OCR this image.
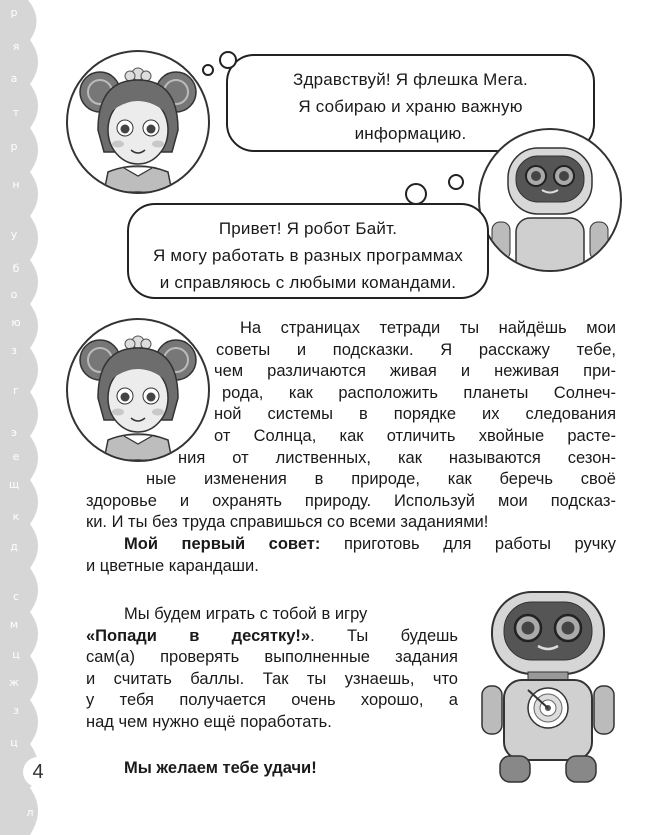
р
я
а
т
р
н
у
б
о
ю
з
г
э
е
щ
к
д
с
м
ц
ж
з
ц
л
4
Здравствуй! Я флешка Мега.
Я собираю и храню важную
информацию.
Привет! Я робот Байт.
Я могу работать в разных программах
и справляюсь с любыми командами.
На страницах тетради ты найдёшь мои
советы и подсказки. Я расскажу тебе,
чем различаются живая и неживая при-
рода, как расположить планеты Солнеч-
ной системы в порядке их следования
от Солнца, как отличить хвойные расте-
ния от лиственных, как называются сезон-
ные изменения в природе, как беречь своё
здоровье и охранять природу. Используй мои подсказ-
ки. И ты без труда справишься со всеми заданиями!
Мой первый совет: приготовь для работы ручку
и цветные карандаши.
Мы будем играть с тобой в игру
«Попади в десятку!». Ты будешь
сам(а) проверять выполненные задания
и считать баллы. Так ты узнаешь, что
у тебя получается очень хорошо, а
над чем нужно ещё поработать.
Мы желаем тебе удачи!
